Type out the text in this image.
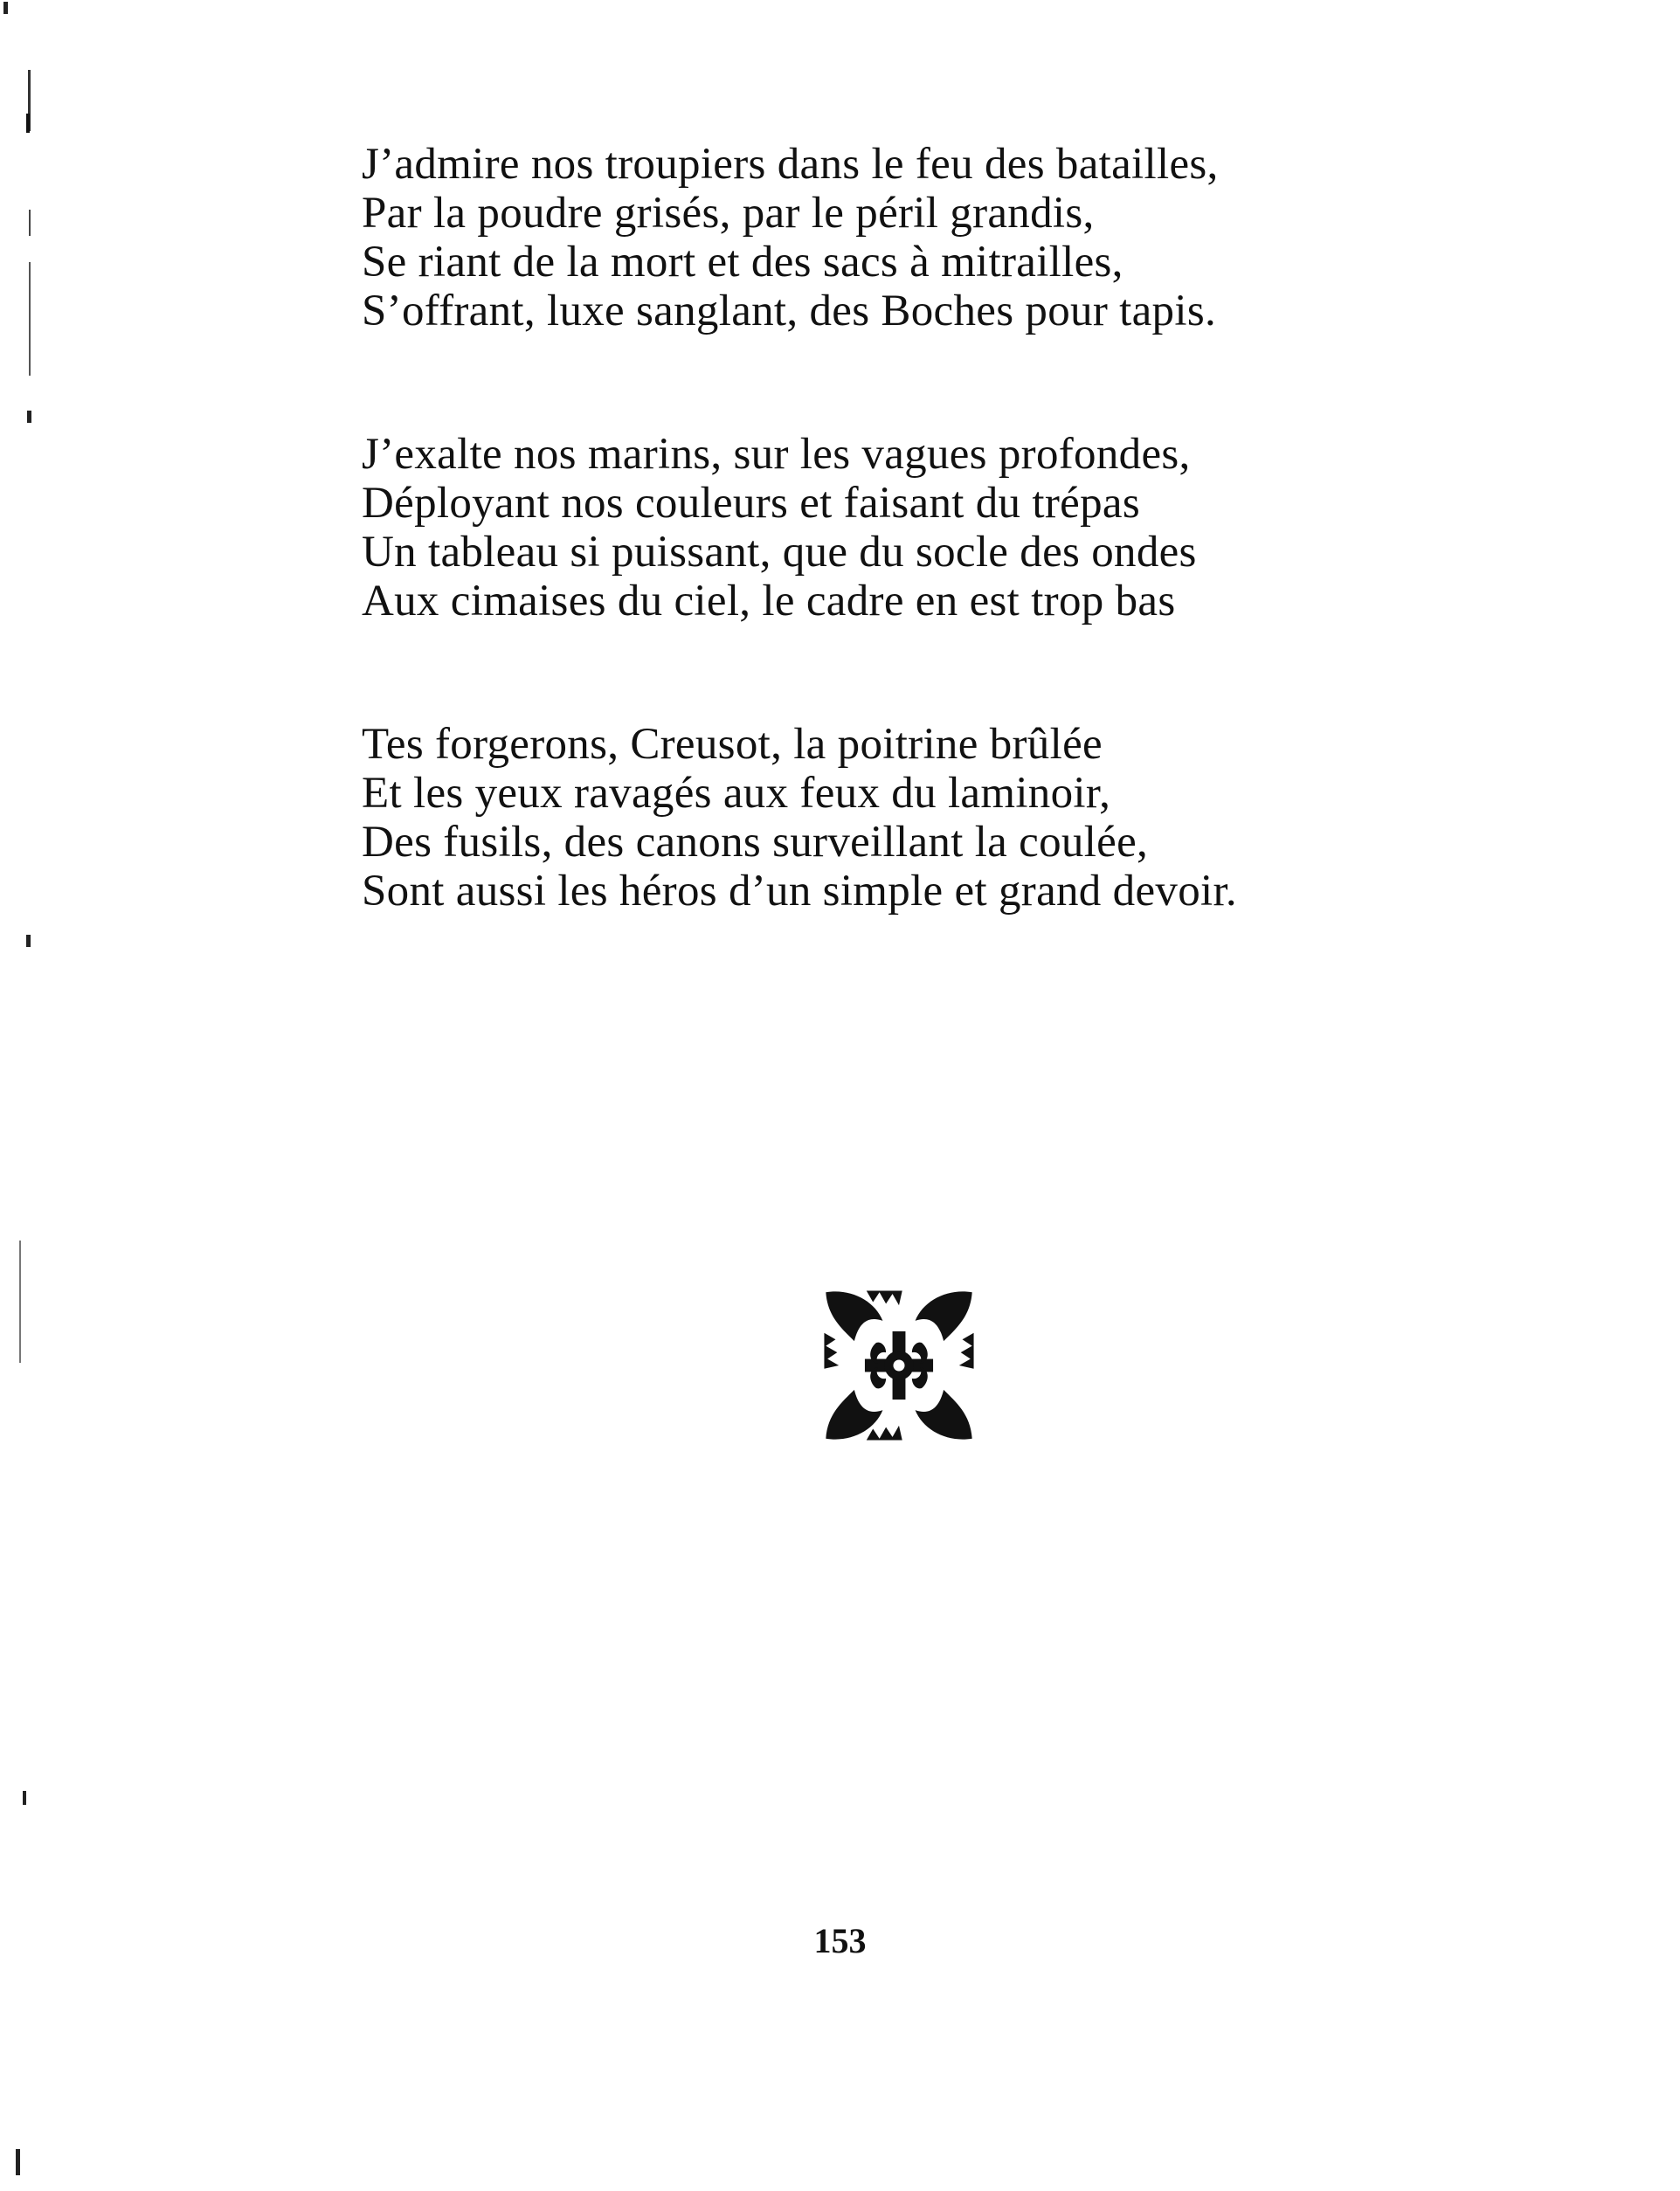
J’admire nos troupiers dans le feu des batailles,
Par la poudre grisés, par le péril grandis,
Se riant de la mort et des sacs à mitrailles,
S’offrant, luxe sanglant, des Boches pour tapis.
J’exalte nos marins, sur les vagues profondes,
Déployant nos couleurs et faisant du trépas
Un tableau si puissant, que du socle des ondes
Aux cimaises du ciel, le cadre en est trop bas
Tes forgerons, Creusot, la poitrine brûlée
Et les yeux ravagés aux feux du laminoir,
Des fusils, des canons surveillant la coulée,
Sont aussi les héros d’un simple et grand devoir.
153
